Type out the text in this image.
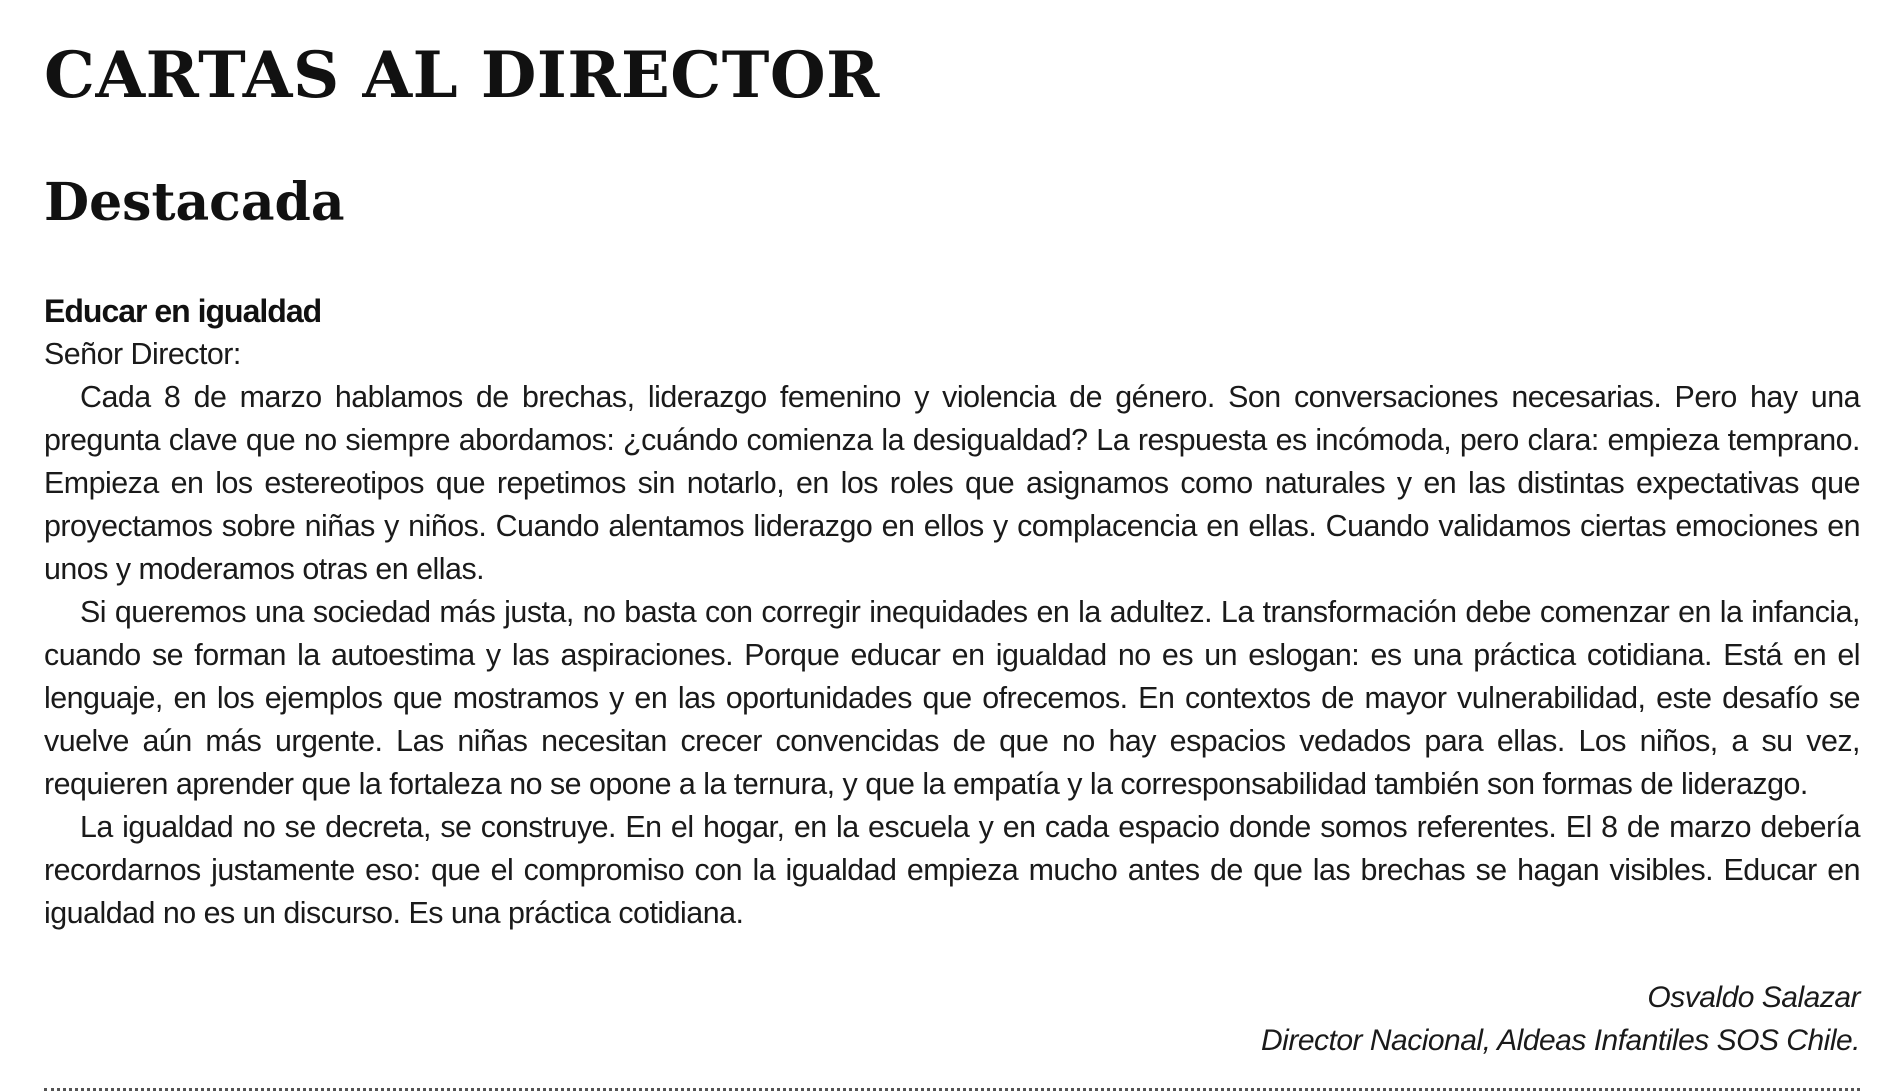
CARTAS AL DIRECTOR
Destacada
Educar en igualdad

Señor Director:

Cada 8 de marzo hablamos de brechas, liderazgo femenino y violencia de género. Son conversaciones necesarias. Pero hay una pregunta clave que no siempre abordamos: ¿cuándo comienza la desigualdad? La respuesta es incómoda, pero clara: empieza temprano. Empieza en los estereotipos que repetimos sin notarlo, en los roles que asignamos como naturales y en las distintas expectativas que proyectamos sobre niñas y niños. Cuando alentamos liderazgo en ellos y complacencia en ellas. Cuando validamos ciertas emociones en unos y moderamos otras en ellas.

Si queremos una sociedad más justa, no basta con corregir inequidades en la adultez. La transformación debe comenzar en la infancia, cuando se forman la autoestima y las aspiraciones. Porque educar en igualdad no es un eslogan: es una práctica cotidiana. Está en el lenguaje, en los ejemplos que mostramos y en las oportunidades que ofrecemos. En contextos de mayor vulnerabilidad, este desafío se vuelve aún más urgente. Las niñas necesitan crecer convencidas de que no hay espacios vedados para ellas. Los niños, a su vez, requieren aprender que la fortaleza no se opone a la ternura, y que la empatía y la corresponsabilidad también son formas de liderazgo.

La igualdad no se decreta, se construye. En el hogar, en la escuela y en cada espacio donde somos referentes. El 8 de marzo debería recordarnos justamente eso: que el compromiso con la igualdad empieza mucho antes de que las brechas se hagan visibles. Educar en igualdad no es un discurso. Es una práctica cotidiana.

Osvaldo Salazar
Director Nacional, Aldeas Infantiles SOS Chile.
